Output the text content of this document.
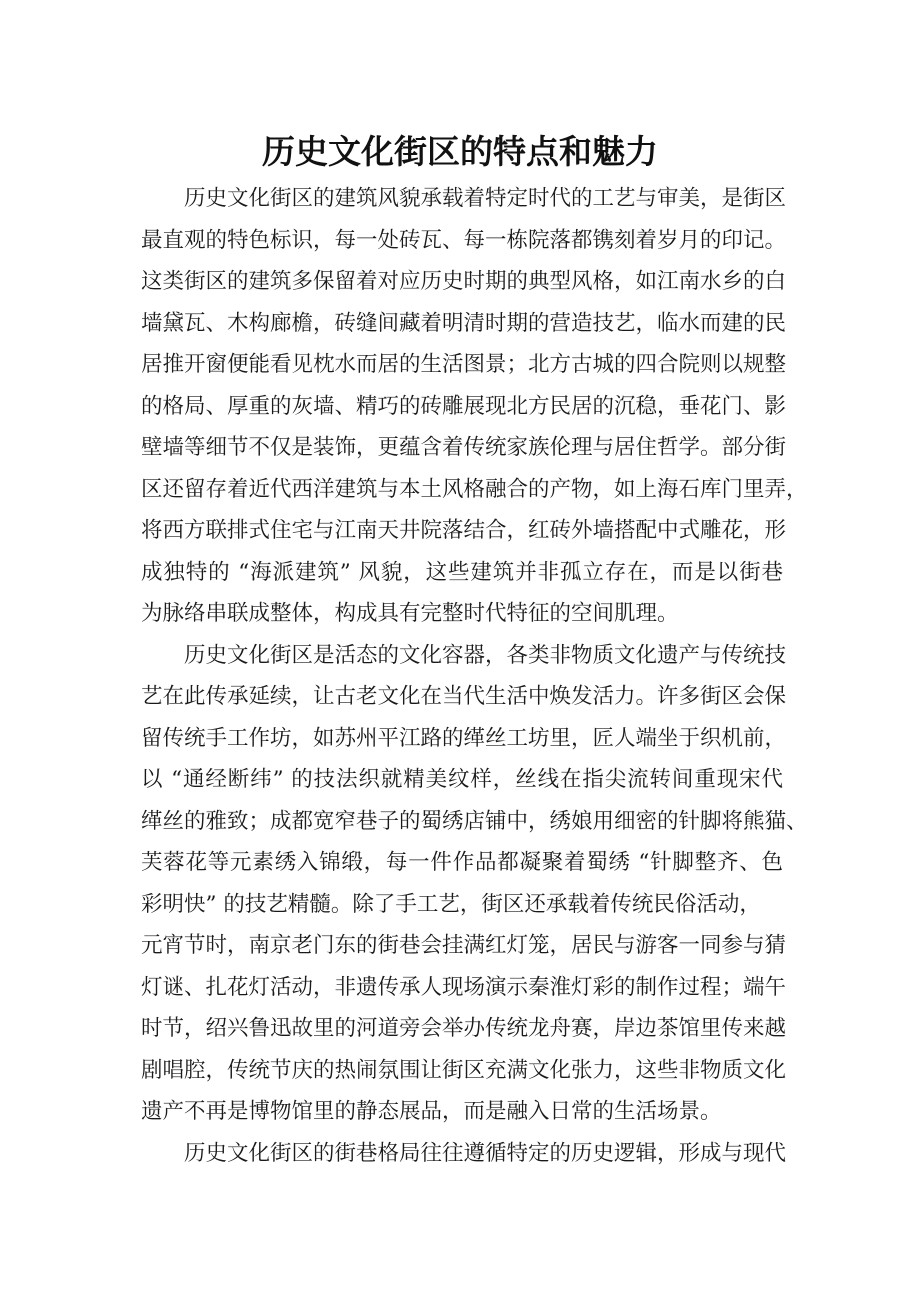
历史文化街区的特点和魅力
历史文化街区的建筑风貌承载着特定时代的工艺与审美，是街区
最直观的特色标识，每一处砖瓦、每一栋院落都镌刻着岁月的印记。
这类街区的建筑多保留着对应历史时期的典型风格，如江南水乡的白
墙黛瓦、木构廊檐，砖缝间藏着明清时期的营造技艺，临水而建的民
居推开窗便能看见枕水而居的生活图景；北方古城的四合院则以规整
的格局、厚重的灰墙、精巧的砖雕展现北方民居的沉稳，垂花门、影
壁墙等细节不仅是装饰，更蕴含着传统家族伦理与居住哲学。部分街
区还留存着近代西洋建筑与本土风格融合的产物，如上海石库门里弄，
将西方联排式住宅与江南天井院落结合，红砖外墙搭配中式雕花，形
成独特的 “海派建筑” 风貌，这些建筑并非孤立存在，而是以街巷
为脉络串联成整体，构成具有完整时代特征的空间肌理。
历史文化街区是活态的文化容器，各类非物质文化遗产与传统技
艺在此传承延续，让古老文化在当代生活中焕发活力。许多街区会保
留传统手工作坊，如苏州平江路的缂丝工坊里，匠人端坐于织机前，
以 “通经断纬” 的技法织就精美纹样，丝线在指尖流转间重现宋代
缂丝的雅致；成都宽窄巷子的蜀绣店铺中，绣娘用细密的针脚将熊猫、
芙蓉花等元素绣入锦缎，每一件作品都凝聚着蜀绣 “针脚整齐、色
彩明快” 的技艺精髓。除了手工艺，街区还承载着传统民俗活动，
元宵节时，南京老门东的街巷会挂满红灯笼，居民与游客一同参与猜
灯谜、扎花灯活动，非遗传承人现场演示秦淮灯彩的制作过程；端午
时节，绍兴鲁迅故里的河道旁会举办传统龙舟赛，岸边茶馆里传来越
剧唱腔，传统节庆的热闹氛围让街区充满文化张力，这些非物质文化
遗产不再是博物馆里的静态展品，而是融入日常的生活场景。
历史文化街区的街巷格局往往遵循特定的历史逻辑，形成与现代
